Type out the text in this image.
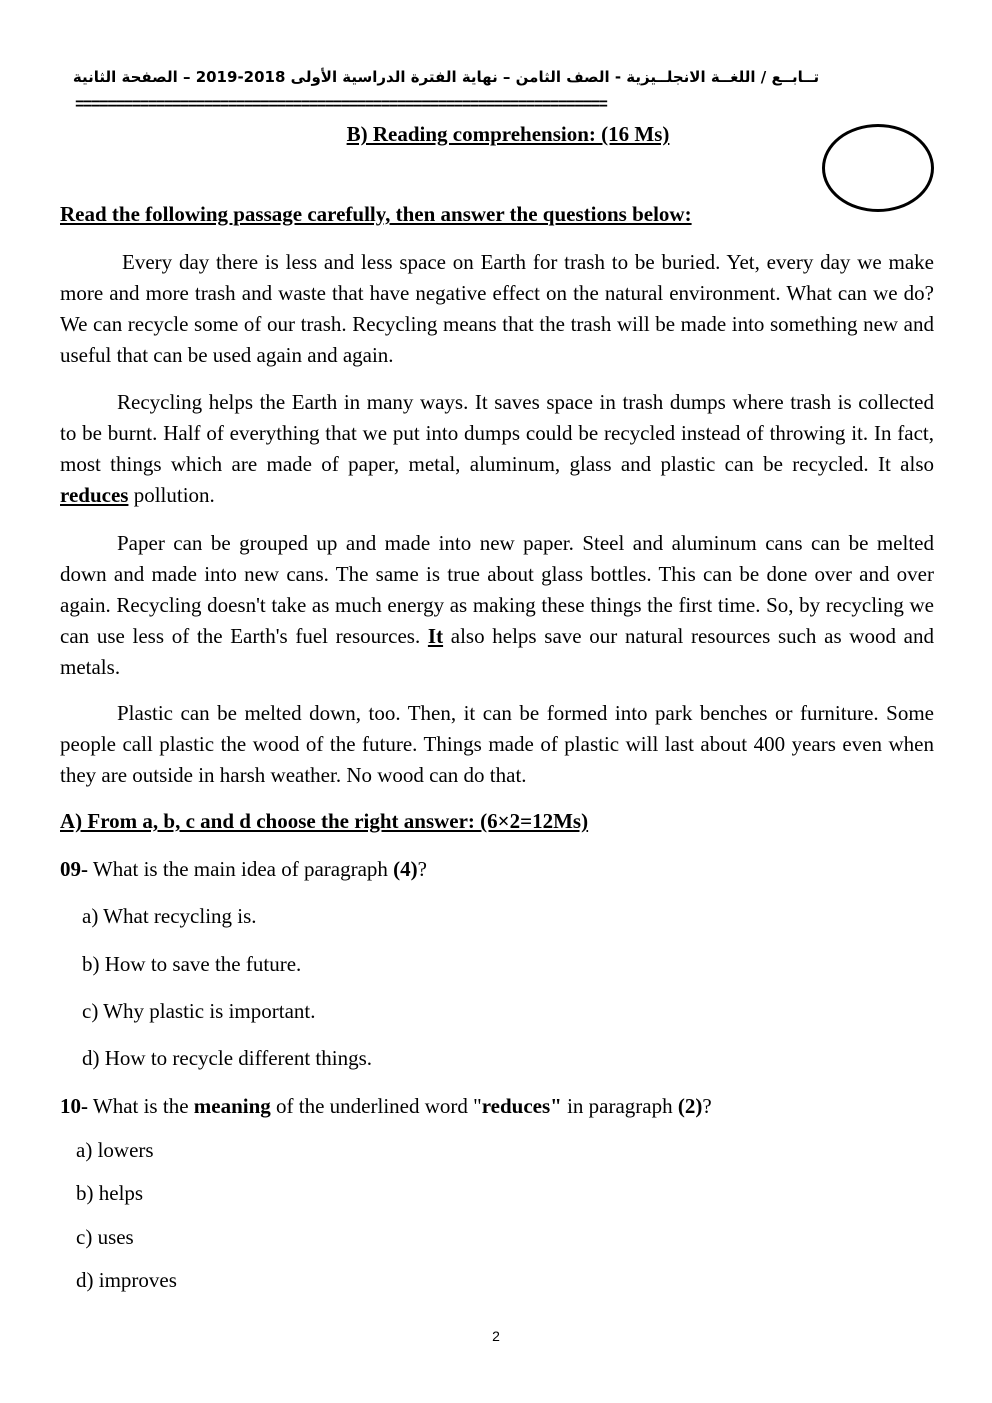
تــابــع / اللغــة الانجلــيزية - الصف الثامن – نهاية الفترة الدراسية الأولى 2018-2019 – الصفحة الثانية
==================================================================
B) Reading comprehension: (16 Ms)
Read the following passage carefully, then answer the questions below:

Every day there is less and less space on Earth for trash to be buried. Yet, every day we make more and more trash and waste that have negative effect on the natural environment. What can we do? We can recycle some of our trash. Recycling means that the trash will be made into something new and useful that can be used again and again.

Recycling helps the Earth in many ways. It saves space in trash dumps where trash is collected to be burnt. Half of everything that we put into dumps could be recycled instead of throwing it. In fact, most things which are made of paper, metal, aluminum, glass and plastic can be recycled. It also reduces pollution.

Paper can be grouped up and made into new paper. Steel and aluminum cans can be melted down and made into new cans. The same is true about glass bottles. This can be done over and over again. Recycling doesn't take as much energy as making these things the first time. So, by recycling we can use less of the Earth's fuel resources. It also helps save our natural resources such as wood and metals.

Plastic can be melted down, too. Then, it can be formed into park benches or furniture. Some people call plastic the wood of the future. Things made of plastic will last about 400 years even when they are outside in harsh weather. No wood can do that.

A) From a, b, c and d choose the right answer: (6×2=12Ms)
09- What is the main idea of paragraph (4)?
a) What recycling is.
b) How to save the future.
c) Why plastic is important.
d) How to recycle different things.
10- What is the meaning of the underlined word "reduces" in paragraph (2)?
a) lowers
b) helps
c) uses
d) improves
2
